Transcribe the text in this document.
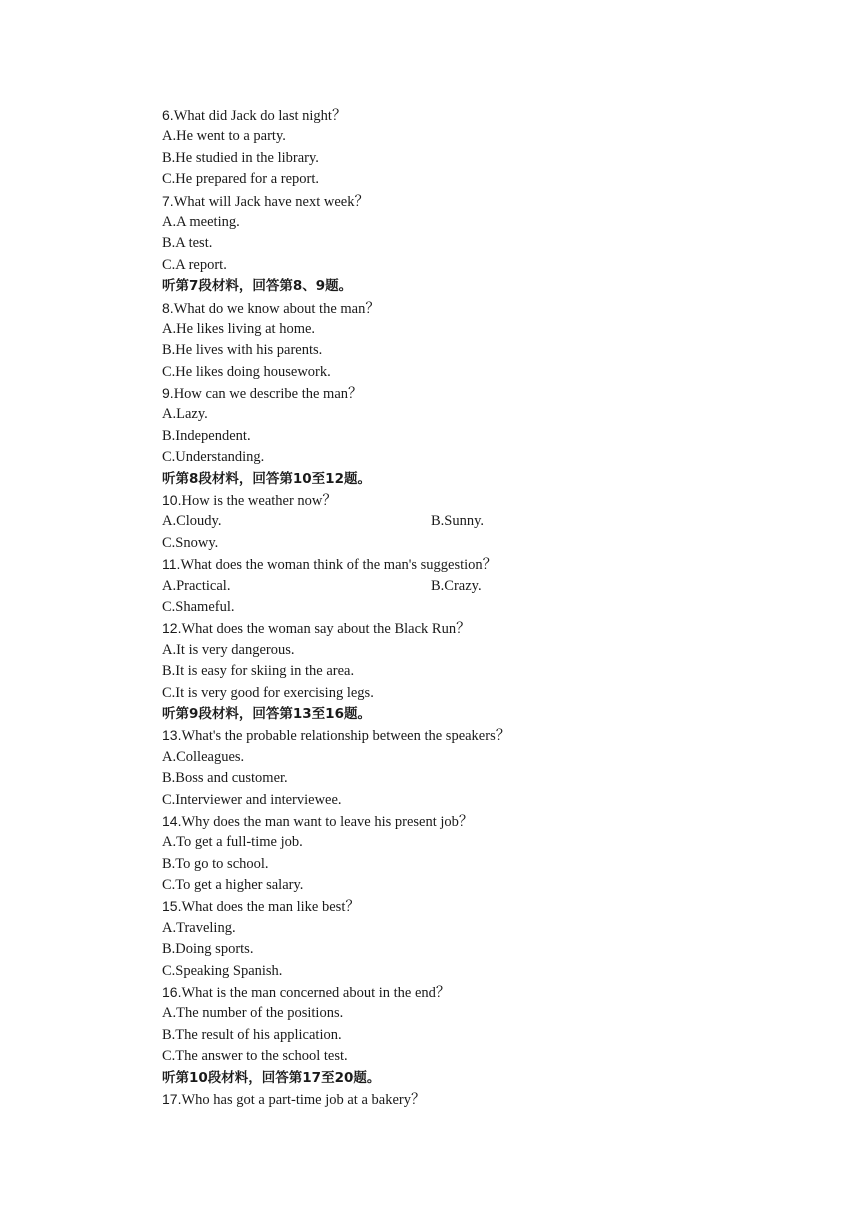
6.What did Jack do last night？
A.He went to a party.
B.He studied in the library.
C.He prepared for a report.
7.What will Jack have next week？
A.A meeting.
B.A test.
C.A report.
听第7段材料，回答第8、9题。
8.What do we know about the man？
A.He likes living at home.
B.He lives with his parents.
C.He likes doing housework.
9.How can we describe the man？
A.Lazy.
B.Independent.
C.Understanding.
听第8段材料，回答第10至12题。
10.How is the weather now？
A.Cloudy.	B.Sunny.
C.Snowy.
11.What does the woman think of the man's suggestion？
A.Practical.	B.Crazy.
C.Shameful.
12.What does the woman say about the Black Run？
A.It is very dangerous.
B.It is easy for skiing in the area.
C.It is very good for exercising legs.
听第9段材料，回答第13至16题。
13.What's the probable relationship between the speakers？
A.Colleagues.
B.Boss and customer.
C.Interviewer and interviewee.
14.Why does the man want to leave his present job？
A.To get a full-time job.
B.To go to school.
C.To get a higher salary.
15.What does the man like best？
A.Traveling.
B.Doing sports.
C.Speaking Spanish.
16.What is the man concerned about in the end？
A.The number of the positions.
B.The result of his application.
C.The answer to the school test.
听第10段材料，回答第17至20题。
17.Who has got a part-time job at a bakery？
